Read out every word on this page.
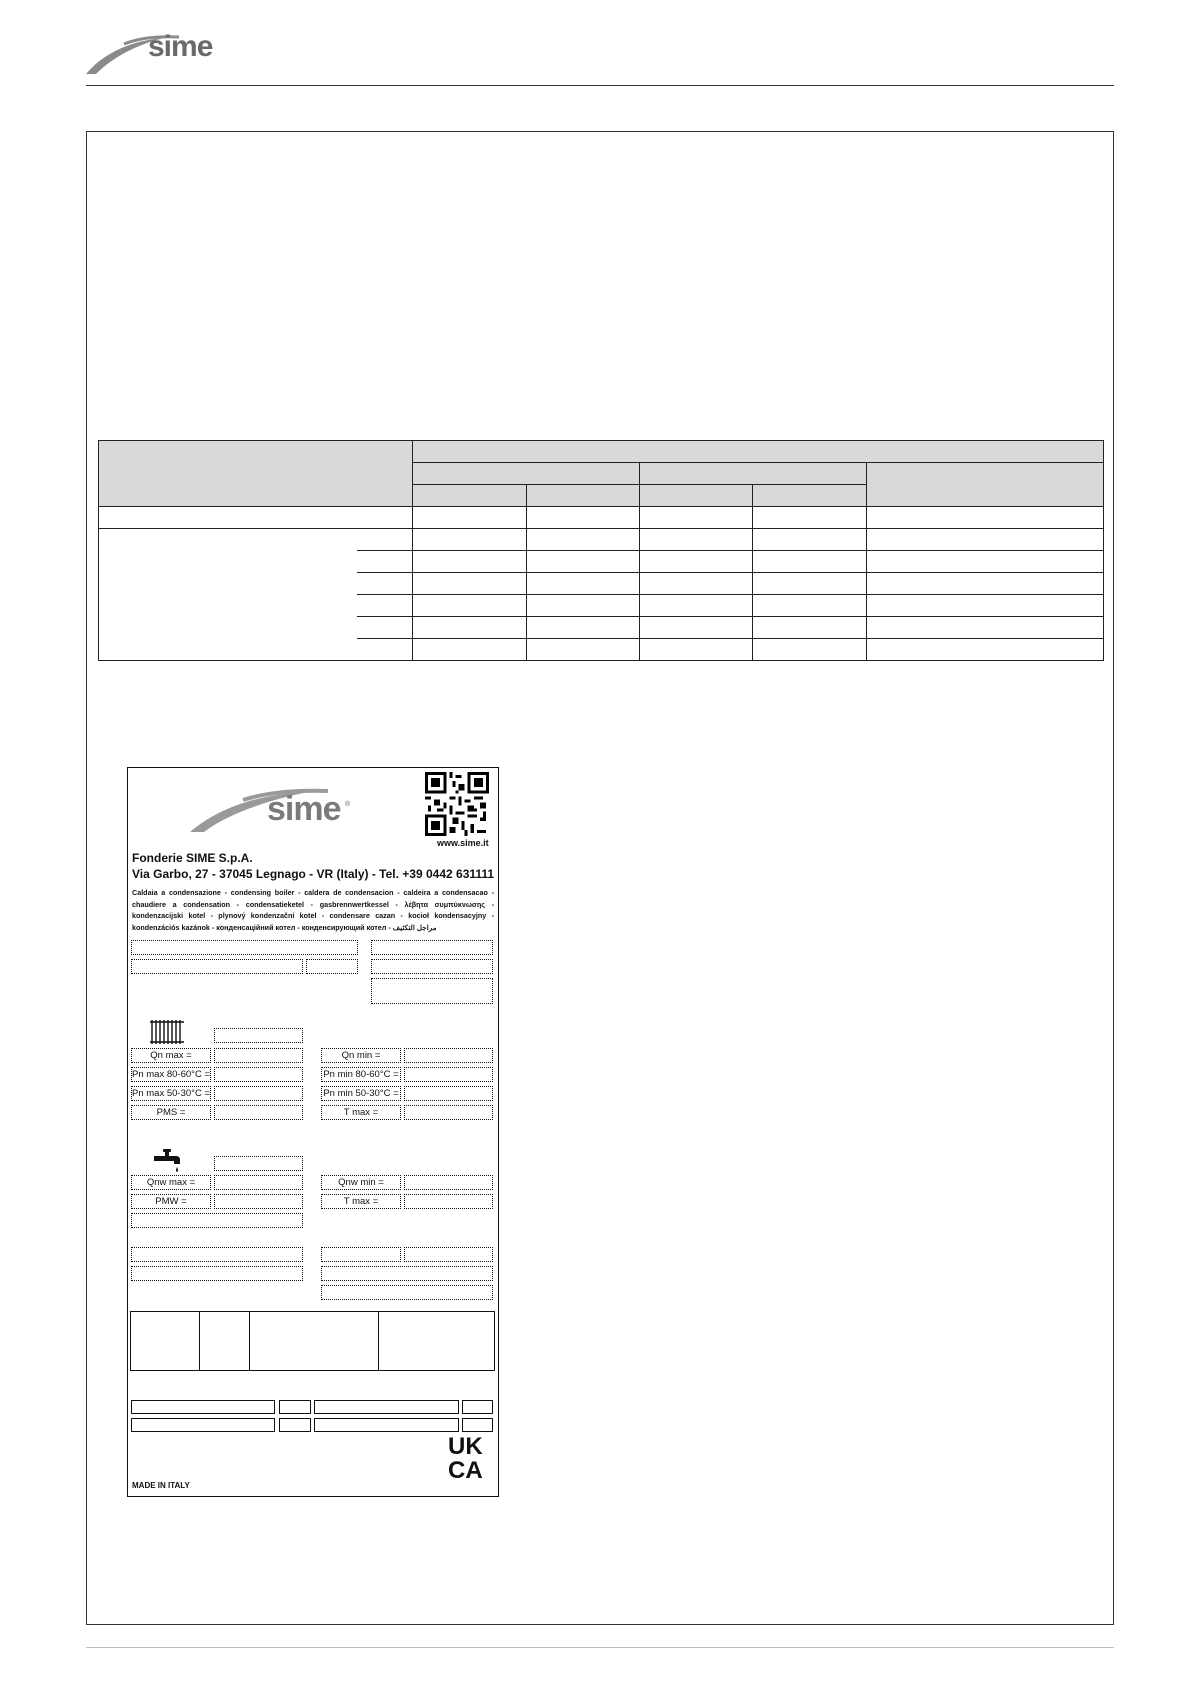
sime

sime ®
www.sime.it
Fonderie SIME S.p.A.
Via Garbo, 27 - 37045 Legnago - VR (Italy) - Tel. +39 0442 631111
Caldaia a condensazione - condensing boiler - caldera de condensacion - caldeira a condensacao - chaudiere a condensation - condensatieketel - gasbrennwertkessel - λέβητα συμπύκνωσης - kondenzacijski kotel - plynový kondenzační kotel - condensare cazan - kocioł kondensacyjny - kondenzációs kazánok - конденсаційний котел - конденсирующий котел - مراجل التكثيف
Qn max =	Qn min =
Pn max 80-60°C =	Pn min 80-60°C =
Pn max 50-30°C =	Pn min 50-30°C =
PMS =	T max =
Qnw max =	Qnw min =
PMW =	T max =
UK
CA
MADE IN ITALY
